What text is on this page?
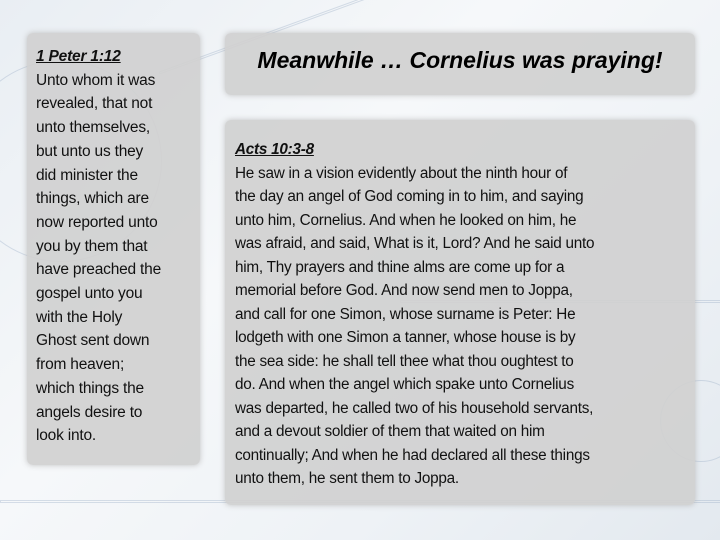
1 Peter 1:12
Unto whom it was
revealed, that not
unto themselves,
but unto us they
did minister the
things, which are
now reported unto
you by them that
have preached the
gospel unto you
with the Holy
Ghost sent down
from heaven;
which things the
angels desire to
look into.
Meanwhile … Cornelius was praying!
Acts 10:3-8
He saw in a vision evidently about the ninth hour of
the day an angel of God coming in to him, and saying
unto him, Cornelius. And when he looked on him, he
was afraid, and said, What is it, Lord? And he said unto
him, Thy prayers and thine alms are come up for a
memorial before God. And now send men to Joppa,
and call for one Simon, whose surname is Peter: He
lodgeth with one Simon a tanner, whose house is by
the sea side: he shall tell thee what thou oughtest to
do. And when the angel which spake unto Cornelius
was departed, he called two of his household servants,
and a devout soldier of them that waited on him
continually; And when he had declared all these things
unto them, he sent them to Joppa.
